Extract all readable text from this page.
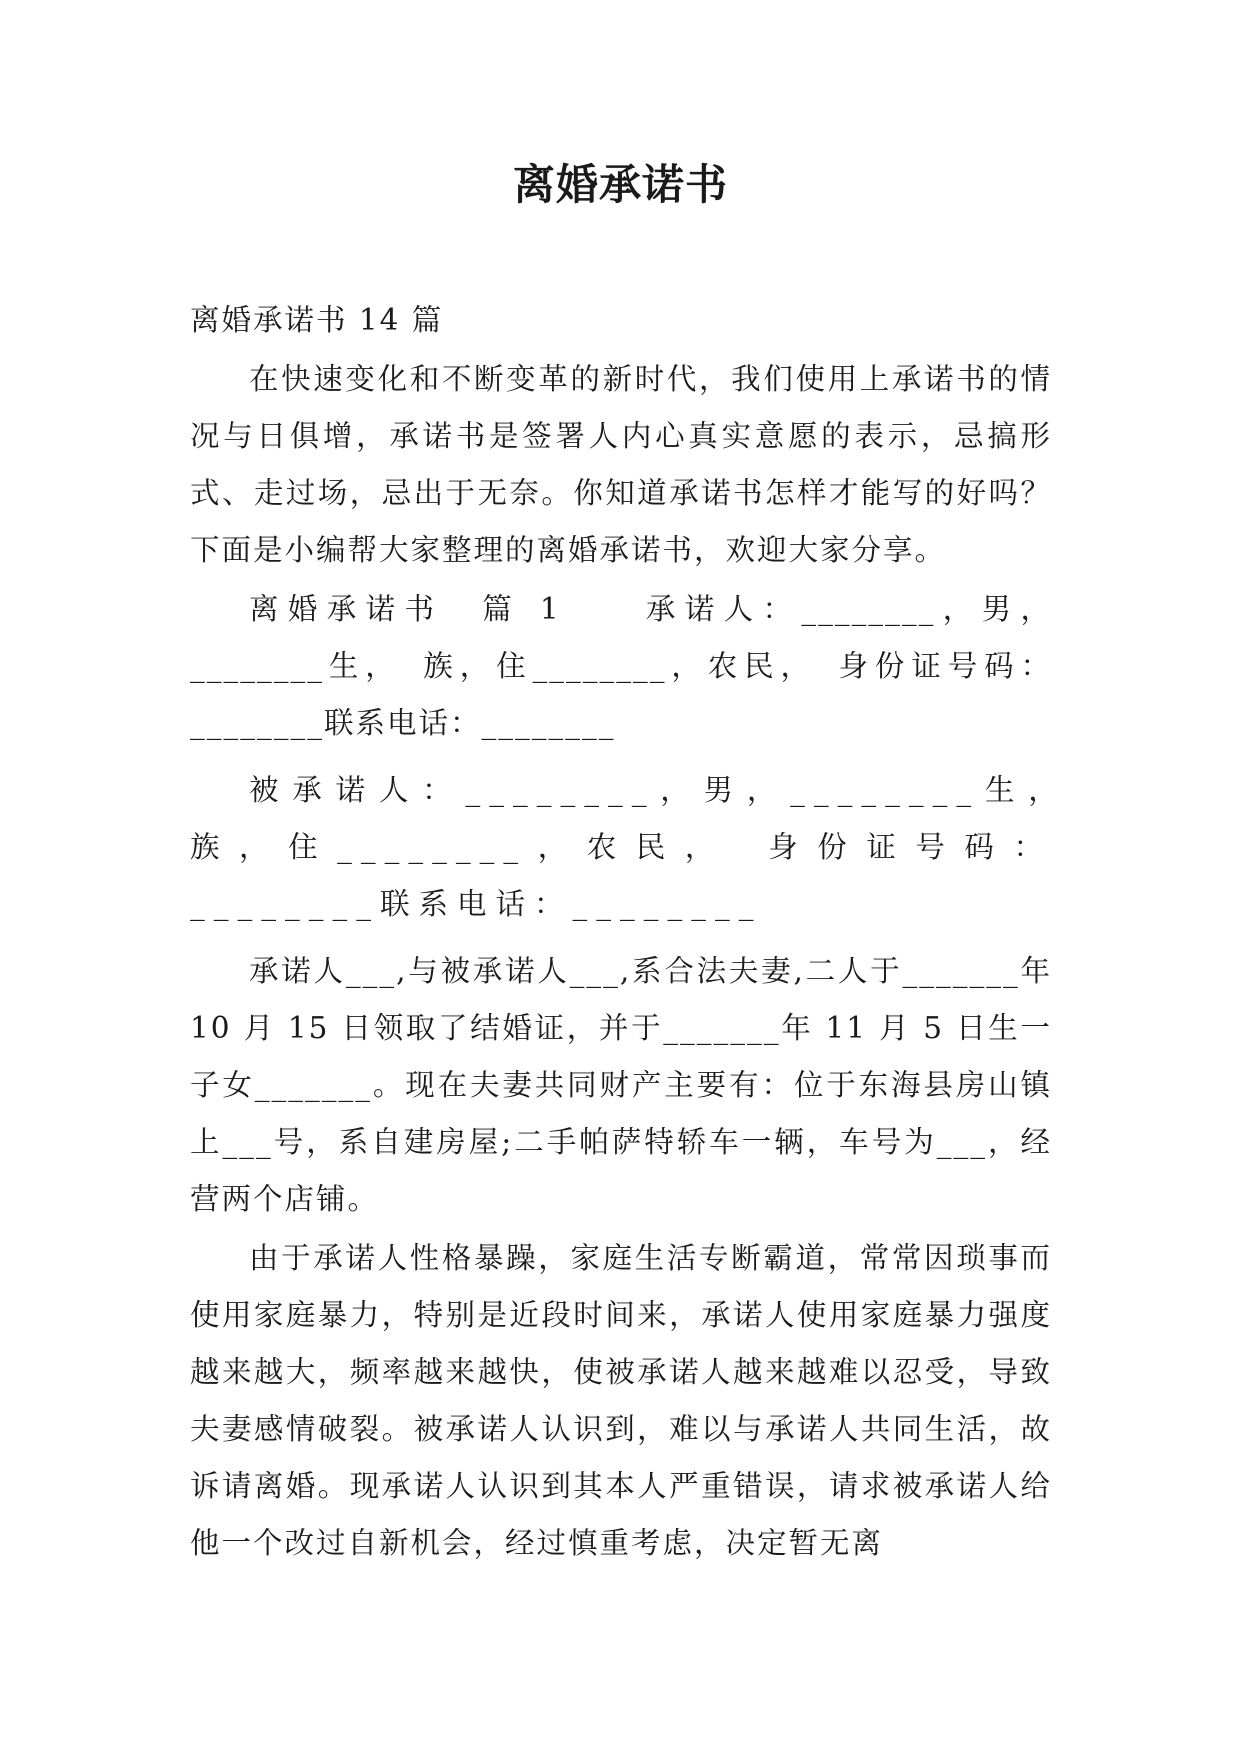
离婚承诺书

离婚承诺书 14 篇

在快速变化和不断变革的新时代，我们使用上承诺书的情况与日俱增，承诺书是签署人内心真实意愿的表示，忌搞形式、走过场，忌出于无奈。你知道承诺书怎样才能写的好吗？下面是小编帮大家整理的离婚承诺书，欢迎大家分享。

离婚承诺书　篇 1　　承诺人：________，男，________生，　族，住________，农民，　身份证号码：________联系电话：________

被承诺人：________，男，________生，　族，住________，农民，　身份证号码：________联系电话：________

承诺人___,与被承诺人___,系合法夫妻,二人于_______年 10 月 15 日领取了结婚证，并于_______年 11 月 5 日生一子女_______。现在夫妻共同财产主要有：位于东海县房山镇上___号，系自建房屋;二手帕萨特轿车一辆，车号为___，经营两个店铺。

由于承诺人性格暴躁，家庭生活专断霸道，常常因琐事而使用家庭暴力，特别是近段时间来，承诺人使用家庭暴力强度越来越大，频率越来越快，使被承诺人越来越难以忍受，导致夫妻感情破裂。被承诺人认识到，难以与承诺人共同生活，故诉请离婚。现承诺人认识到其本人严重错误，请求被承诺人给他一个改过自新机会，经过慎重考虑，决定暂无离
